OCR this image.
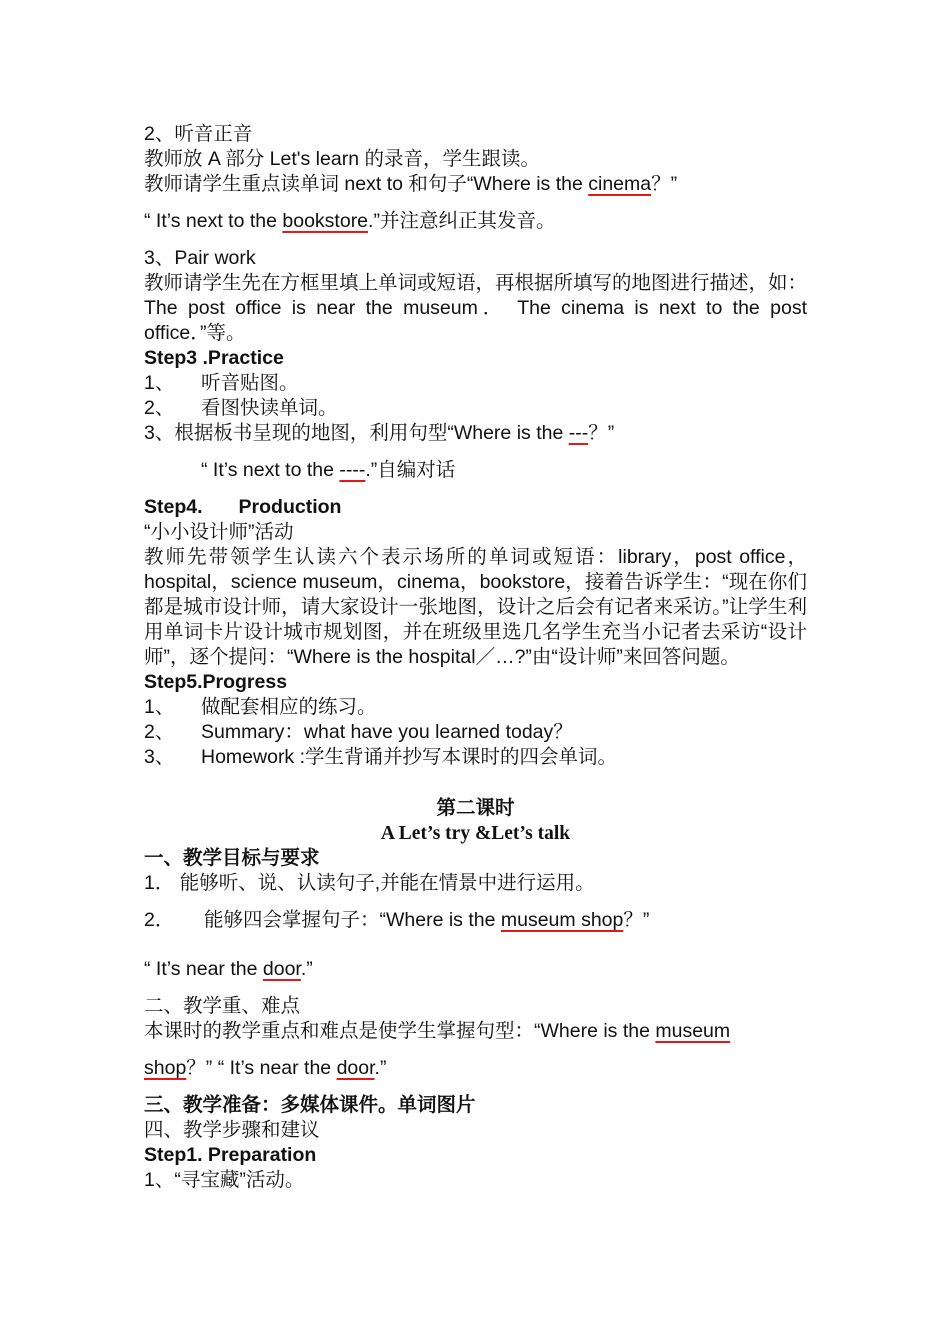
2、听音正音
教师放 A 部分 Let's learn 的录音，学生跟读。
教师请学生重点读单词 next to 和句子“Where is the cinema？”
“ It’s next to the bookstore.”并注意纠正其发音。
3、Pair work
教师请学生先在方框里填上单词或短语，再根据所填写的地图进行描述，如：The post office is near the museum． The cinema is next to the post office．”等。
Step3 .Practice
1、 听音贴图。
2、 看图快读单词。
3、根据板书呈现的地图，利用句型“Where is the ---？”
“ It’s next to the ----.”自编对话
Step4. Production
“小小设计师”活动
教师先带领学生认读六个表示场所的单词或短语：library，post office，hospital，science museum，cinema，bookstore，接着告诉学生：“现在你们都是城市设计师，请大家设计一张地图，设计之后会有记者来采访。”让学生利用单词卡片设计城市规划图，并在班级里选几名学生充当小记者去采访“设计师”，逐个提问：“Where is the hospital／…?”由“设计师”来回答问题。
Step5.Progress
1、 做配套相应的练习。
2、 Summary：what have you learned today？
3、 Homework :学生背诵并抄写本课时的四会单词。
第二课时
A Let’s try &Let’s talk
一、教学目标与要求
1． 能够听、说、认读句子,并能在情景中进行运用。
2． 能够四会掌握句子：“Where is the museum shop？”
“ It’s near the door.”
二、教学重、难点
本课时的教学重点和难点是使学生掌握句型：“Where is the museum
shop？” “ It’s near the door.”
三、教学准备：多媒体课件。单词图片
四、教学步骤和建议
Step1. Preparation
1、“寻宝藏”活动。
